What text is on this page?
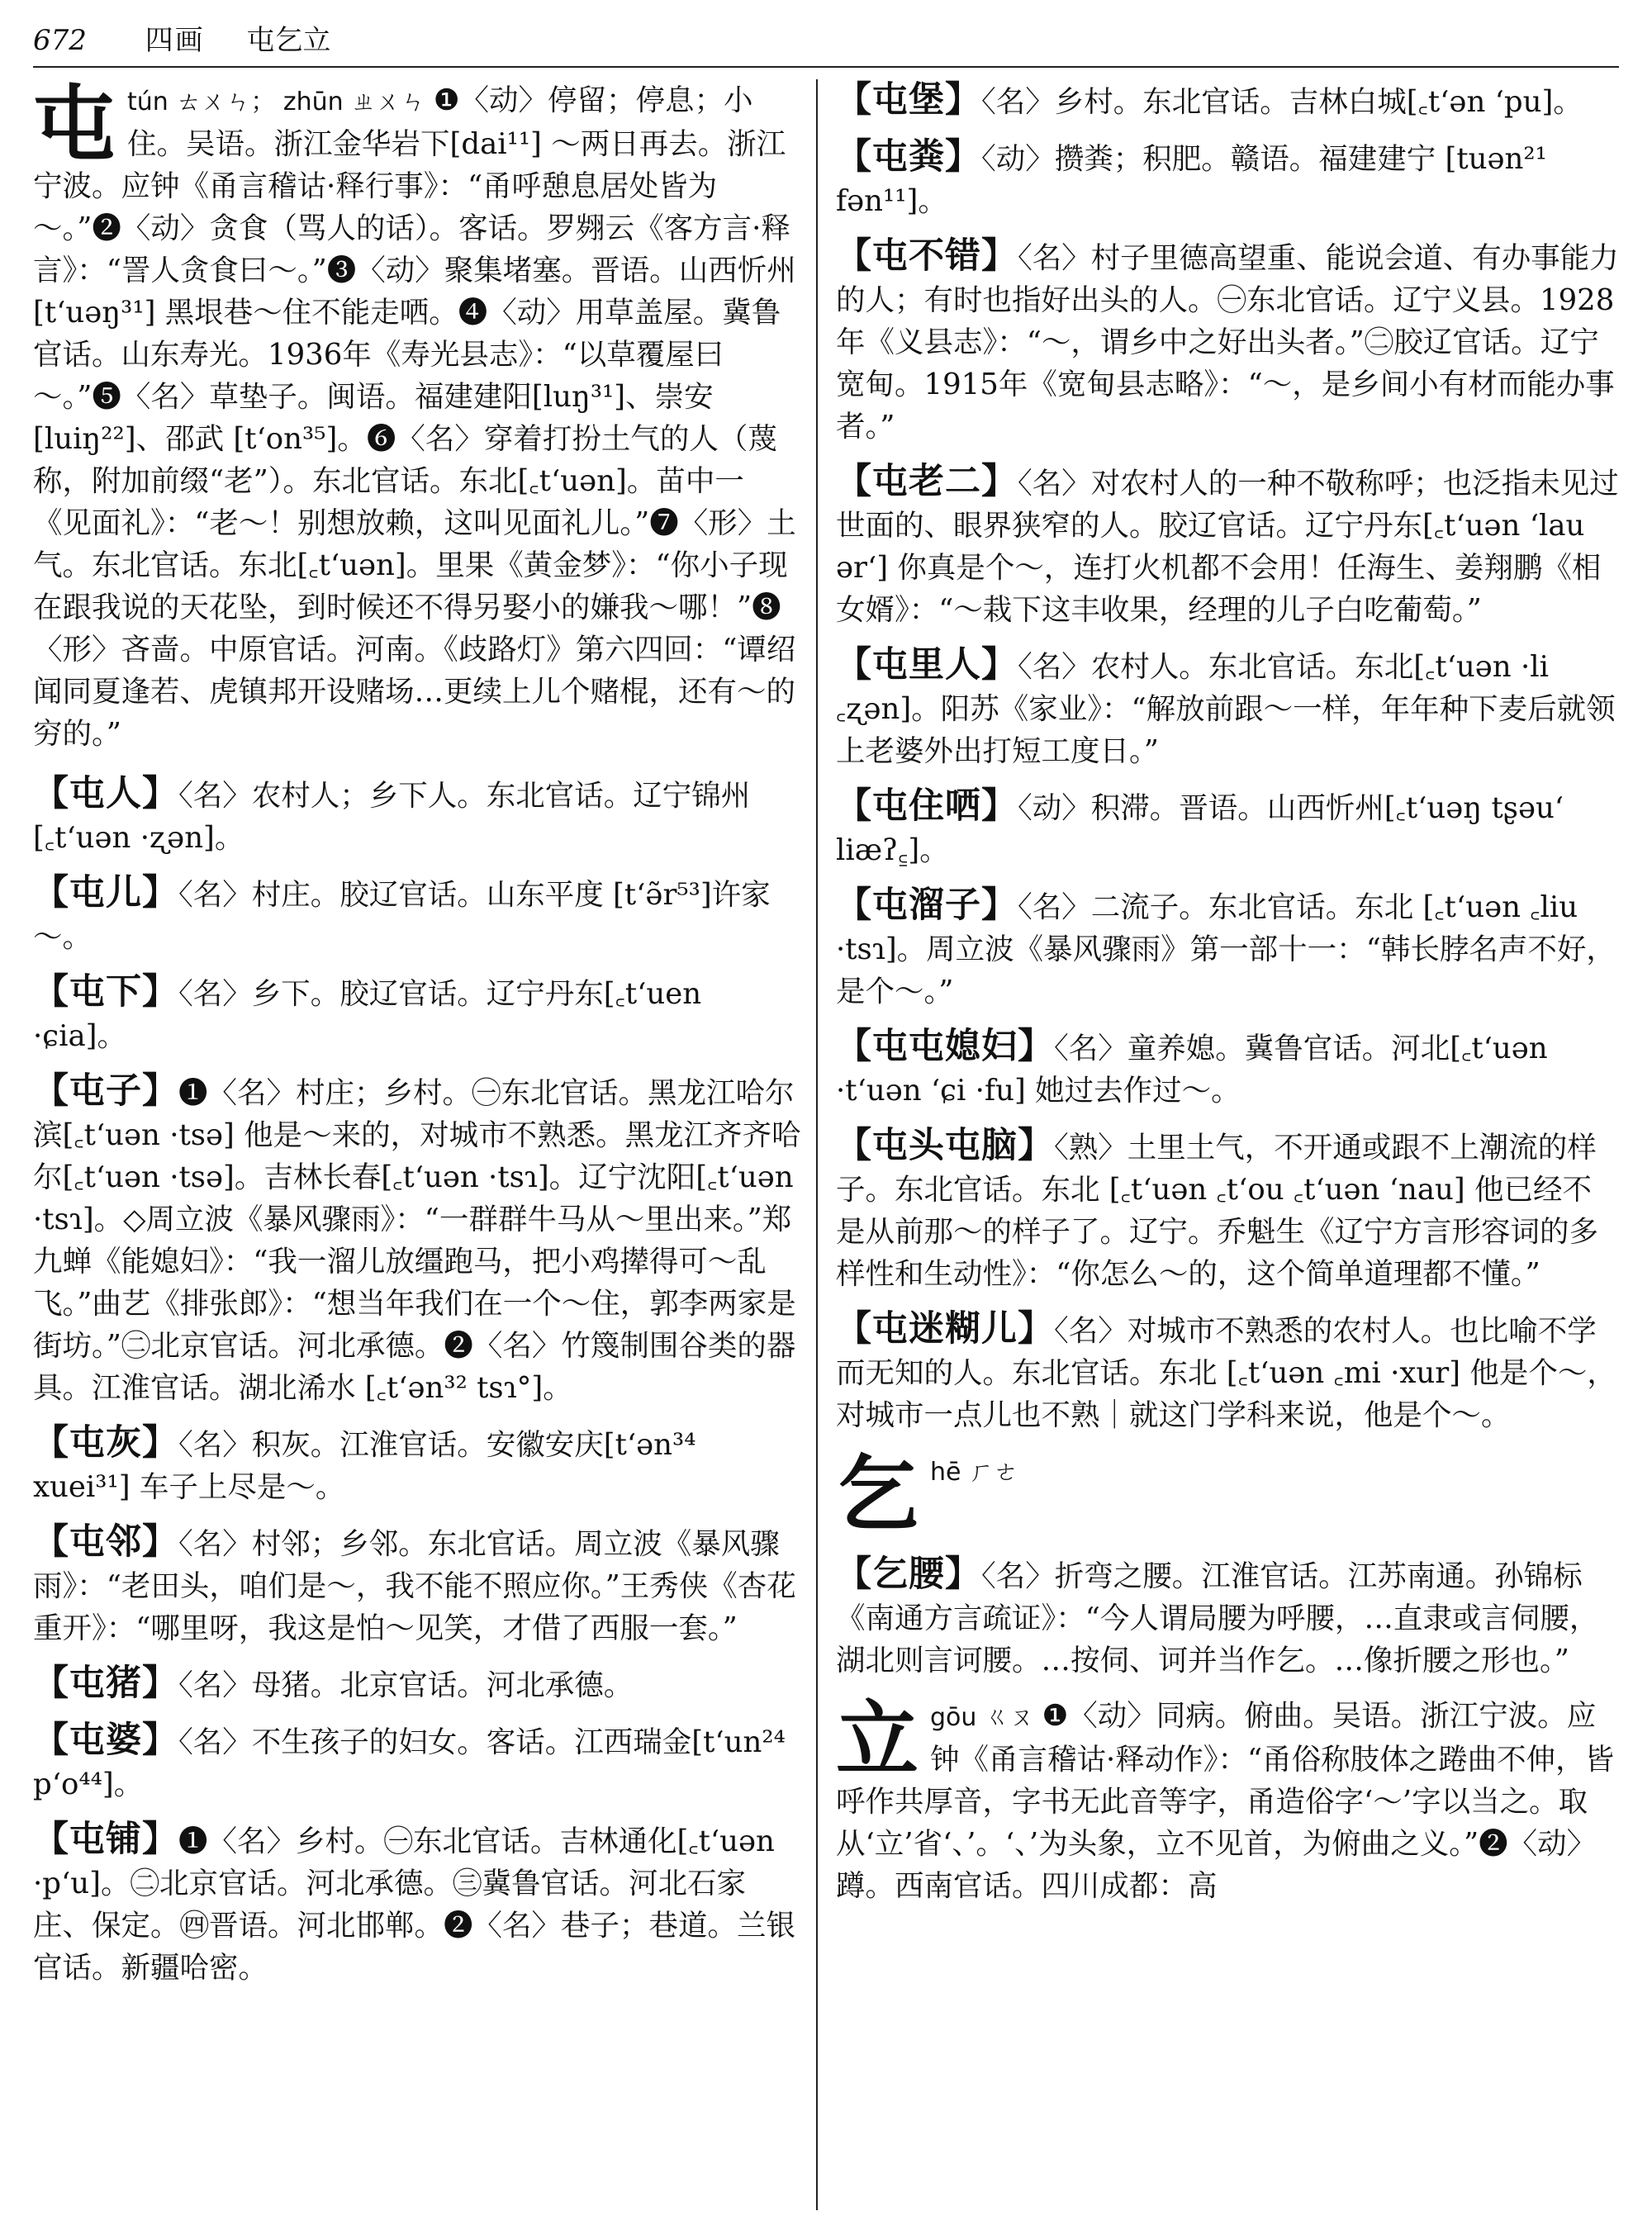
672 四画 屯乞立
屯 tún ㄊㄨㄣ； zhūn ㄓㄨㄣ ❶〈动〉停留；停息；小住。吴语。浙江金华岩下[dai¹¹] ～两日再去。浙江宁波。应钟《甬言稽诂·释行事》：“甬呼憩息居处皆为～。”❷〈动〉贪食（骂人的话）。客话。罗翙云《客方言·释言》：“詈人贪食曰～。”❸〈动〉聚集堵塞。晋语。山西忻州[t‘uəŋ³¹] 黑垠巷～住不能走哂。❹〈动〉用草盖屋。冀鲁官话。山东寿光。1936年《寿光县志》：“以草覆屋曰～。”❺〈名〉草垫子。闽语。福建建阳[luŋ³¹]、崇安[luiŋ²²]、邵武 [t‘on³⁵]。❻〈名〉穿着打扮土气的人（蔑称，附加前缀“老”）。东北官话。东北[꜀t‘uən]。苗中一《见面礼》：“老～！别想放赖，这叫见面礼儿。”❼〈形〉土气。东北官话。东北[꜀t‘uən]。里果《黄金梦》：“你小子现在跟我说的天花坠，到时候还不得另娶小的嫌我～哪！”❽〈形〉吝啬。中原官话。河南。《歧路灯》第六四回：“谭绍闻同夏逢若、虎镇邦开设赌场…更续上儿个赌棍，还有～的穷的。”
【屯人】〈名〉农村人；乡下人。东北官话。辽宁锦州[꜀t‘uən ·ʐən]。
【屯儿】〈名〉村庄。胶辽官话。山东平度 [t‘ə̃r⁵³]许家～。
【屯下】〈名〉乡下。胶辽官话。辽宁丹东[꜀t‘uen ·ɕia]。
【屯子】❶〈名〉村庄；乡村。㊀东北官话。黑龙江哈尔滨[꜀t‘uən ·tsə] 他是～来的，对城市不熟悉。黑龙江齐齐哈尔[꜀t‘uən ·tsə]。吉林长春[꜀t‘uən ·tsɿ]。辽宁沈阳[꜀t‘uən ·tsɿ]。◇周立波《暴风骤雨》：“一群群牛马从～里出来。”郑九蝉《能媳妇》：“我一溜儿放缰跑马，把小鸡撵得可～乱飞。”曲艺《排张郎》：“想当年我们在一个～住，郭李两家是街坊。”㊁北京官话。河北承德。❷〈名〉竹篾制围谷类的器具。江淮官话。湖北浠水 [꜀t‘ən³² tsɿ°]。
【屯灰】〈名〉积灰。江淮官话。安徽安庆[t‘ən³⁴ xuei³¹] 车子上尽是～。
【屯邻】〈名〉村邻；乡邻。东北官话。周立波《暴风骤雨》：“老田头，咱们是～，我不能不照应你。”王秀侠《杏花重开》：“哪里呀，我这是怕～见笑，才借了西服一套。”
【屯猪】〈名〉母猪。北京官话。河北承德。
【屯婆】〈名〉不生孩子的妇女。客话。江西瑞金[t‘un²⁴ p‘o⁴⁴]。
【屯铺】❶〈名〉乡村。㊀东北官话。吉林通化[꜀t‘uən ·p‘u]。㊁北京官话。河北承德。㊂冀鲁官话。河北石家庄、保定。㊃晋语。河北邯郸。❷〈名〉巷子；巷道。兰银官话。新疆哈密。
【屯堡】〈名〉乡村。东北官话。吉林白城[꜀t‘ən ‘pu]。
【屯粪】〈动〉攒粪；积肥。赣语。福建建宁 [tuən²¹ fən¹¹]。
【屯不错】〈名〉村子里德高望重、能说会道、有办事能力的人；有时也指好出头的人。㊀东北官话。辽宁义县。1928年《义县志》：“～，谓乡中之好出头者。”㊁胶辽官话。辽宁宽甸。1915年《宽甸县志略》：“～，是乡间小有材而能办事者。”
【屯老二】〈名〉对农村人的一种不敬称呼；也泛指未见过世面的、眼界狭窄的人。胶辽官话。辽宁丹东[꜀t‘uən ‘lau ər‘] 你真是个～，连打火机都不会用！任海生、姜翔鹏《相女婿》：“～栽下这丰收果，经理的儿子白吃葡萄。”
【屯里人】〈名〉农村人。东北官话。东北[꜀t‘uən ·li ꜀ʐən]。阳苏《家业》：“解放前跟～一样，年年种下麦后就领上老婆外出打短工度日。”
【屯住哂】〈动〉积滞。晋语。山西忻州[꜀t‘uəŋ tʂəu‘ liæʔ꜁]。
【屯溜子】〈名〉二流子。东北官话。东北 [꜀t‘uən ꜀liu ·tsɿ]。周立波《暴风骤雨》第一部十一：“韩长脖名声不好，是个～。”
【屯屯媳妇】〈名〉童养媳。冀鲁官话。河北[꜀t‘uən ·t‘uən ‘ɕi ·fu] 她过去作过～。
【屯头屯脑】〈熟〉土里土气，不开通或跟不上潮流的样子。东北官话。东北 [꜀t‘uən ꜀t‘ou ꜀t‘uən ‘nau] 他已经不是从前那～的样子了。辽宁。乔魁生《辽宁方言形容词的多样性和生动性》：“你怎么～的，这个简单道理都不懂。”
【屯迷糊儿】〈名〉对城市不熟悉的农村人。也比喻不学而无知的人。东北官话。东北 [꜀t‘uən ꜀mi ·xur] 他是个～，对城市一点儿也不熟｜就这门学科来说，他是个～。
乞 hē ㄏㄜ
【乞腰】〈名〉折弯之腰。江淮官话。江苏南通。孙锦标《南通方言疏证》：“今人谓局腰为呼腰，…直隶或言伺腰，湖北则言诃腰。…按伺、诃并当作乞。…像折腰之形也。”
立 gōu ㄍㄡ ❶〈动〉同病。俯曲。吴语。浙江宁波。应钟《甬言稽诂·释动作》：“甬俗称肢体之踡曲不伸，皆呼作共厚音，字书无此音等字，甬造俗字‘～’字以当之。取从‘立’省‘、’。‘、’为头象，立不见首，为俯曲之义。”❷〈动〉蹲。西南官话。四川成都：高
